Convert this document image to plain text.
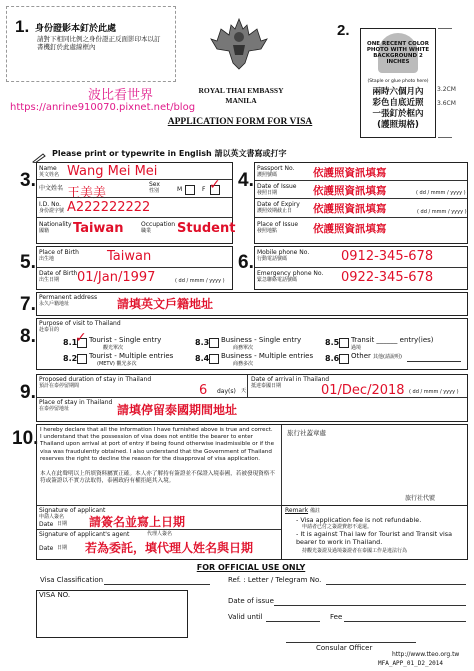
1. 身份證影本釘於此處
請對下相同比例之身份證正反面影印本以訂書機釘於此處線框內
ROYAL THAI EMBASSY
MANILA
波比看世界
https://anrine910070.pixnet.net/blog
APPLICATION FORM FOR VISA
2.
ONE RECENT COLOR PHOTO WITH WHITE BACKGROUND 2 INCHES
(Staple or glue photo here)
兩時六個月內彩色自底近照一張釘於框內(護照規格)
3.2CM
3.6CM
Please print or typewrite in English 請以英文書寫或打字
3.
Name
英文姓名 Wang Mei Mei
中文姓名 王美美
Sex
性別	M	F ✓
I.D. No.
身份證字號 A222222222
Nationality
國籍 Taiwan	Occupation
職業 Student
4.
Passport No.
護照號碼	依護照資訊填寫
Date of Issue
發照日期	依護照資訊填寫
Date of Expiry
護照效期截止日 依護照資訊填寫	( dd / mmm / yyyy )
Place of Issue
發照地點	依護照資訊填寫
( dd / mmm / yyyy )
5. Place of Birth
出生地	Taiwan
Date of Birth
出生日期 01/Jan/1997	( dd / mmm / yyyy )
6. Mobile phone No.
行動電話號碼	0912-345-678
Emergency phone No.
緊急聯絡電話號碼	0922-345-678
7. Permanent address
永久戶籍地址	請填英文戶籍地址
8.
Purpose of visit to Thailand
赴泰目的
8.1
✓ Tourist - Single entry
觀光單次
8.2 Tourist - Multiple entries
(METV) 觀光多次
8.3 Business - Single entry
商務單次
8.4 Business - Multiple entries
商務多次
8.5 Transit ______ entry(ies)
過境
8.6 Other 其他(請說明)
9.
Proposed duration of stay in Thailand
預計在泰停留期間	6 day(s) 天
Date of arrival in Thailand
抵達泰國日期	01/Dec/2018 ( dd / mmm / yyyy )
Place of stay in Thailand
在泰停留地址	請填停留泰國期間地址
10. I hereby declare that all the information I have furnished above is true and correct. I understand that the possession of visa does not entitle the bearer to enter Thailand upon arrival at port of entry if being found otherwise inadmissible or if the visa was fraudulently obtained. I also understand that the Government of Thailand reserves the right to decline the reason for the disapproval of visa application.
本人在此聲明以上所填資料屬實正確。本人亦了解持有簽證並不保證入境泰國，若被發現資格不符或簽證以不實方法取得，泰國政府有權拒絕其入境。
旅行社蓋章處
旅行社代號
Signature of applicant
申請人簽名
Date 日期 請簽名並寫上日期
Signature of applicant's agent	代理人簽名
Date 日期 若為委託，填代理人姓名與日期
Remark 備註
- Visa application fee is not refundable.
申請者已付之簽證費恕不退還。
- It is against Thai law for Tourist and Transit visa bearer to work in Thailand.
持觀光簽證及過境簽證者在泰國工作是違法行為
FOR OFFICIAL USE ONLY
Visa Classification	Ref. : Letter / Telegram No.
VISA NO.
Date of issue
Valid until	Fee
Consular Officer
http://www.tteo.org.tw
MFA_APP_01_D2_2014
